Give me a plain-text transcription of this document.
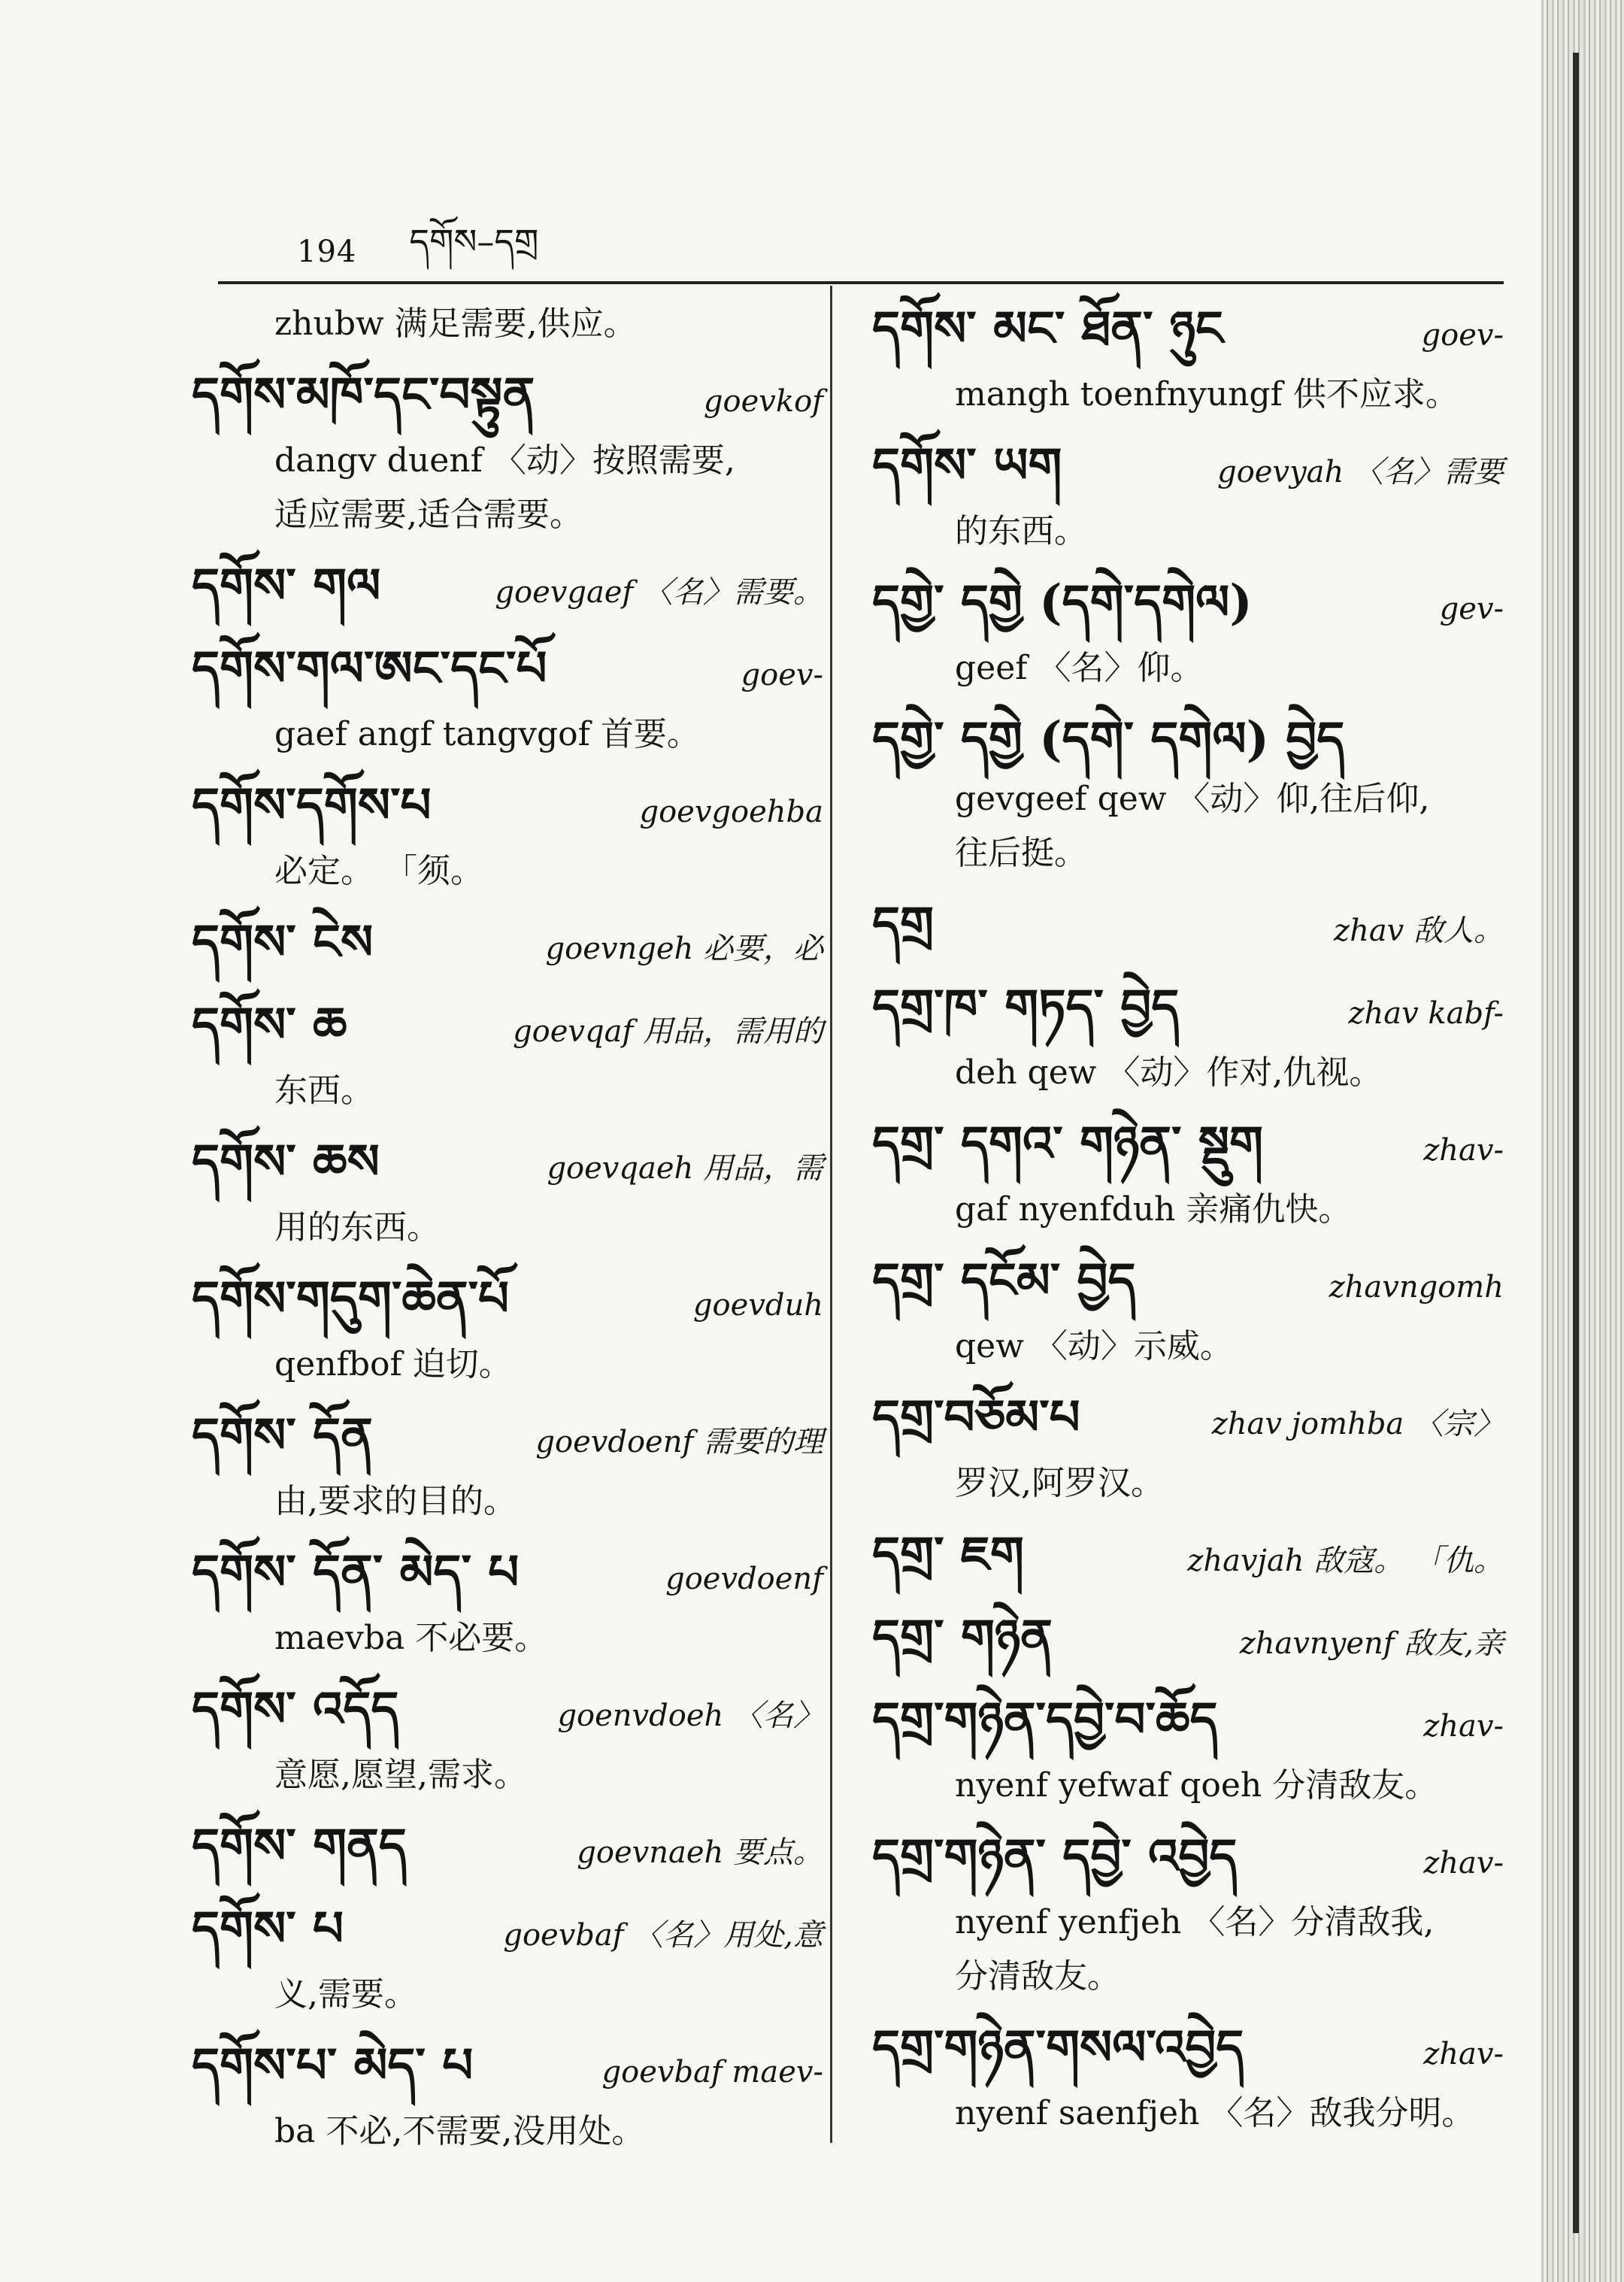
194 དགོས–དགྲ
zhubw 满足需要,供应。
དགོས་མཁོ་དང་བསྟུན	goevkof
dangv duenf 〈动〉按照需要,
适应需要,适合需要。
དགོས་ གལ	goevgaef 〈名〉需要。
དགོས་གལ་ཨང་དང་པོ	goev-
gaef angf tangvgof 首要。
དགོས་དགོས་པ	goevgoehba
必定。 「须。
དགོས་ ངེས	goevngeh 必要，必
དགོས་ ཆ	goevqaf 用品，需用的
东西。
དགོས་ ཆས	goevqaeh 用品，需
用的东西。
དགོས་གདུག་ཆེན་པོ	goevduh
qenfbof 迫切。
དགོས་ དོན	goevdoenf 需要的理
由,要求的目的。
དགོས་ དོན་ མེད་ པ	goevdoenf
maevba 不必要。
དགོས་ འདོད	goenvdoeh 〈名〉
意愿,愿望,需求。
དགོས་ གནད	goevnaeh 要点。
དགོས་ པ	goevbaf 〈名〉用处,意
义,需要。
དགོས་པ་ མེད་ པ	goevbaf maev-
ba 不必,不需要,没用处。
དགོས་ མང་ ཐོན་ ཉུང	goev-
mangh toenfnyungf 供不应求。
དགོས་ ཡག	goevyah 〈名〉需要
的东西。
དགྱེ་ དགྱེ (དགེ་དགེལ)	gev-
geef 〈名〉仰。
དགྱེ་ དགྱེ (དགེ་ དགེལ) བྱེད
gevgeef qew 〈动〉仰,往后仰,
往后挺。
དགྲ	zhav 敌人。
དགྲ་ཁ་ གཏད་ བྱེད	zhav kabf-
deh qew 〈动〉作对,仇视。
དགྲ་ དགའ་ གཉེན་ སྡུག	zhav-
gaf nyenfduh 亲痛仇快。
དགྲ་ དངོམ་ བྱེད	zhavngomh
qew 〈动〉示威。
དགྲ་བཅོམ་པ	zhav jomhba 〈宗〉
罗汉,阿罗汉。
དགྲ་ ཇག	zhavjah 敌寇。 「仇。
དགྲ་ གཉེན	zhavnyenf 敌友,亲
དགྲ་གཉེན་དབྱེ་བ་ཆོད	zhav-
nyenf yefwaf qoeh 分清敌友。
དགྲ་གཉེན་ དབྱེ་ འབྱེད	zhav-
nyenf yenfjeh 〈名〉分清敌我,
分清敌友。
དགྲ་གཉེན་གསལ་འབྱེད	zhav-
nyenf saenfjeh 〈名〉敌我分明。
